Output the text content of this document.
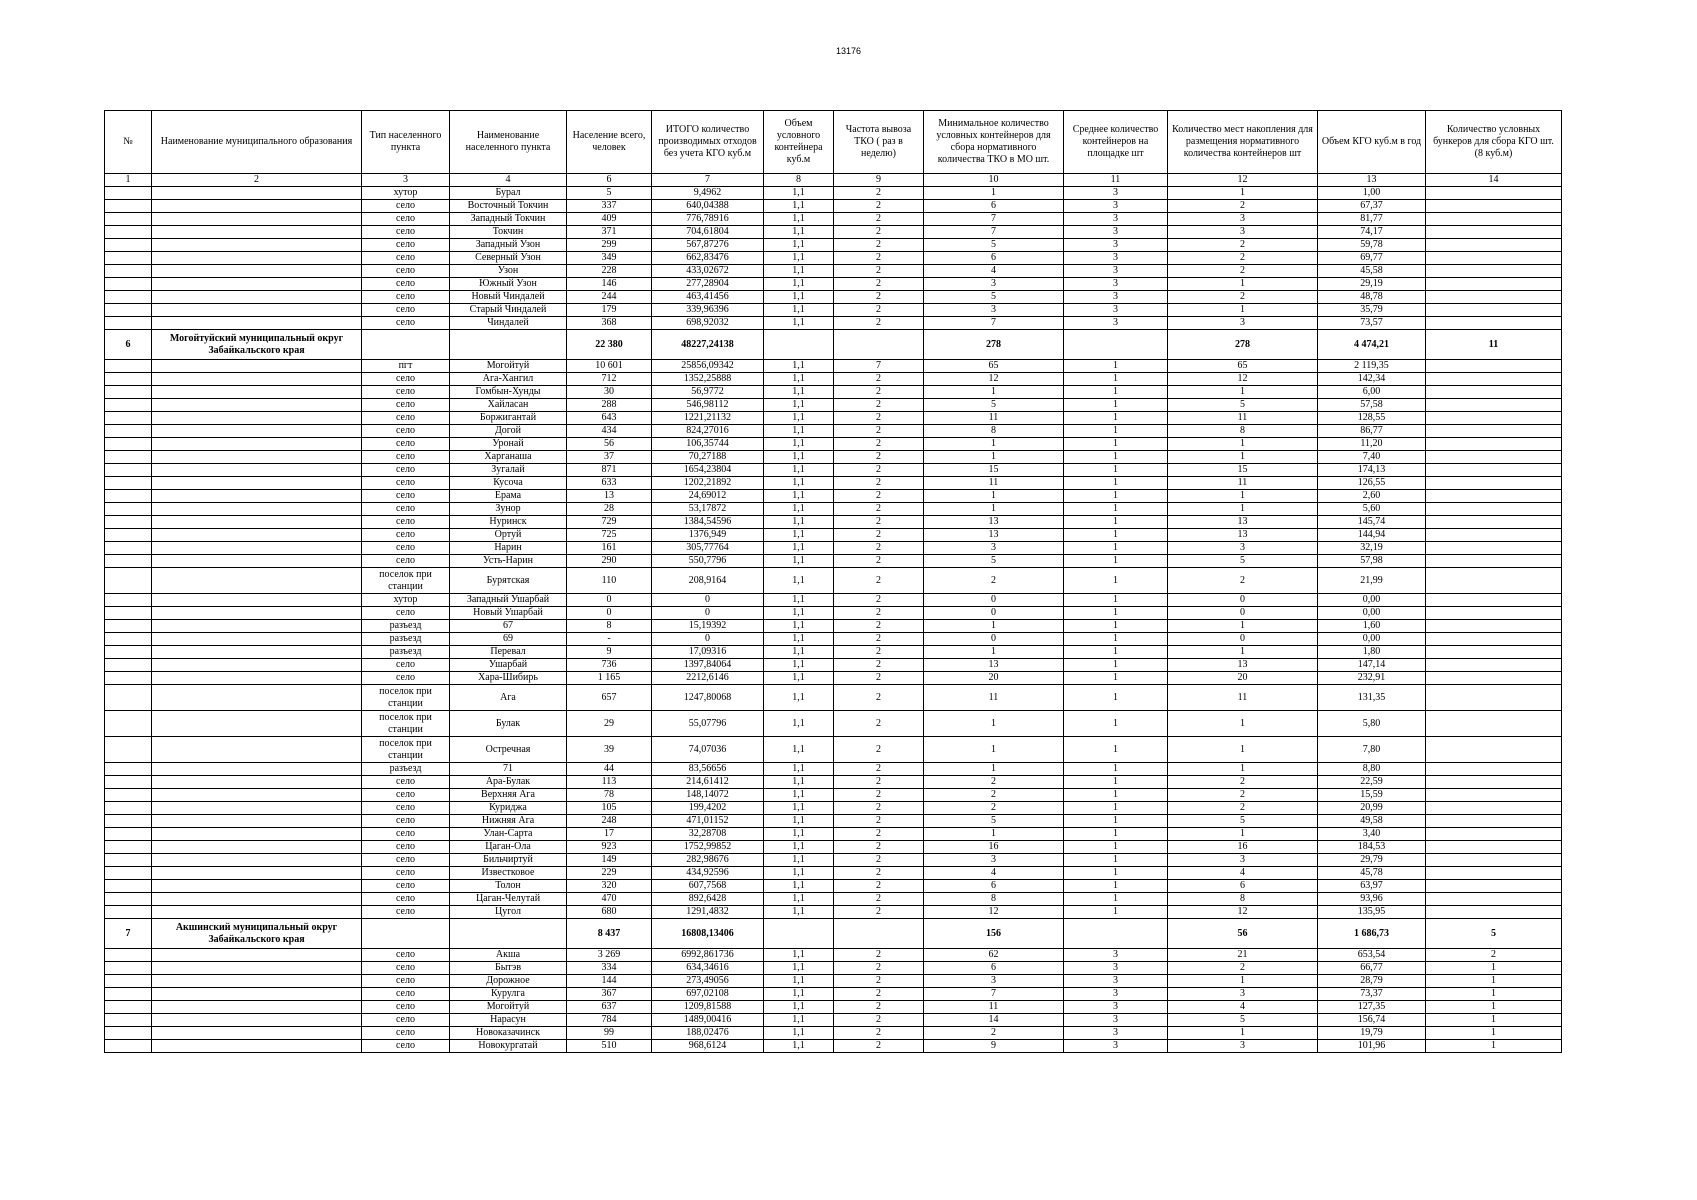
13176
№	Наименование муниципального образования	Тип населенного пункта	Наименование населенного пункта	Население всего, человек	ИТОГО количество производимых отходов без учета КГО куб.м	Объем условного контейнера куб.м	Частота вывоза ТКО ( раз в неделю)	Минимальное количество условных контейнеров для сбора нормативного количества ТКО в МО шт.	Среднее количество контейнеров на площадке шт	Количество мест накопления для размещения нормативного количества контейнеров шт	Объем КГО куб.м в год	Количество условных бункеров для сбора КГО шт. (8 куб.м)
1	2	3	4	6	7	8	9	10	11	12	13	14
		хутор	Бурал	5	9,4962	1,1	2	1	3	1	1,00	
		село	Восточный Токчин	337	640,04388	1,1	2	6	3	2	67,37	
		село	Западный Токчин	409	776,78916	1,1	2	7	3	3	81,77	
		село	Токчин	371	704,61804	1,1	2	7	3	3	74,17	
		село	Западный Узон	299	567,87276	1,1	2	5	3	2	59,78	
		село	Северный Узон	349	662,83476	1,1	2	6	3	2	69,77	
		село	Узон	228	433,02672	1,1	2	4	3	2	45,58	
		село	Южный Узон	146	277,28904	1,1	2	3	3	1	29,19	
		село	Новый Чиндалей	244	463,41456	1,1	2	5	3	2	48,78	
		село	Старый Чиндалей	179	339,96396	1,1	2	3	3	1	35,79	
		село	Чиндалей	368	698,92032	1,1	2	7	3	3	73,57	
6	Могойтуйский муниципальный округ Забайкальского края			22 380	48227,24138			278		278	4 474,21	11
		пгт	Могойтуй	10 601	25856,09342	1,1	7	65	1	65	2 119,35	
		село	Ага-Хангил	712	1352,25888	1,1	2	12	1	12	142,34	
		село	Гомбын-Хунды	30	56,9772	1,1	2	1	1	1	6,00	
		село	Хайласан	288	546,98112	1,1	2	5	1	5	57,58	
		село	Боржигантай	643	1221,21132	1,1	2	11	1	11	128,55	
		село	Догой	434	824,27016	1,1	2	8	1	8	86,77	
		село	Уронай	56	106,35744	1,1	2	1	1	1	11,20	
		село	Харганаша	37	70,27188	1,1	2	1	1	1	7,40	
		село	Зугалай	871	1654,23804	1,1	2	15	1	15	174,13	
		село	Кусоча	633	1202,21892	1,1	2	11	1	11	126,55	
		село	Ерама	13	24,69012	1,1	2	1	1	1	2,60	
		село	Зунор	28	53,17872	1,1	2	1	1	1	5,60	
		село	Нуринск	729	1384,54596	1,1	2	13	1	13	145,74	
		село	Ортуй	725	1376,949	1,1	2	13	1	13	144,94	
		село	Нарин	161	305,77764	1,1	2	3	1	3	32,19	
		село	Усть-Нарин	290	550,7796	1,1	2	5	1	5	57,98	
		поселок при станции	Бурятская	110	208,9164	1,1	2	2	1	2	21,99	
		хутор	Западный Ушарбай	0	0	1,1	2	0	1	0	0,00	
		село	Новый Ушарбай	0	0	1,1	2	0	1	0	0,00	
		разъезд	67	8	15,19392	1,1	2	1	1	1	1,60	
		разъезд	69	-	0	1,1	2	0	1	0	0,00	
		разъезд	Перевал	9	17,09316	1,1	2	1	1	1	1,80	
		село	Ушарбай	736	1397,84064	1,1	2	13	1	13	147,14	
		село	Хара-Шибирь	1 165	2212,6146	1,1	2	20	1	20	232,91	
		поселок при станции	Ага	657	1247,80068	1,1	2	11	1	11	131,35	
		поселок при станции	Булак	29	55,07796	1,1	2	1	1	1	5,80	
		поселок при станции	Остречная	39	74,07036	1,1	2	1	1	1	7,80	
		разъезд	71	44	83,56656	1,1	2	1	1	1	8,80	
		село	Ара-Булак	113	214,61412	1,1	2	2	1	2	22,59	
		село	Верхняя Ага	78	148,14072	1,1	2	2	1	2	15,59	
		село	Куриджа	105	199,4202	1,1	2	2	1	2	20,99	
		село	Нижняя Ага	248	471,01152	1,1	2	5	1	5	49,58	
		село	Улан-Сарта	17	32,28708	1,1	2	1	1	1	3,40	
		село	Цаган-Ола	923	1752,99852	1,1	2	16	1	16	184,53	
		село	Бильчиртуй	149	282,98676	1,1	2	3	1	3	29,79	
		село	Известковое	229	434,92596	1,1	2	4	1	4	45,78	
		село	Толон	320	607,7568	1,1	2	6	1	6	63,97	
		село	Цаган-Челутай	470	892,6428	1,1	2	8	1	8	93,96	
		село	Цугол	680	1291,4832	1,1	2	12	1	12	135,95	
7	Акшинский муниципальный округ Забайкальского края			8 437	16808,13406			156		56	1 686,73	5
		село	Акша	3 269	6992,861736	1,1	2	62	3	21	653,54	2
		село	Бытэв	334	634,34616	1,1	2	6	3	2	66,77	1
		село	Дорожное	144	273,49056	1,1	2	3	3	1	28,79	1
		село	Курулга	367	697,02108	1,1	2	7	3	3	73,37	1
		село	Могойтуй	637	1209,81588	1,1	2	11	3	4	127,35	1
		село	Нарасун	784	1489,00416	1,1	2	14	3	5	156,74	1
		село	Новоказачинск	99	188,02476	1,1	2	2	3	1	19,79	1
		село	Новокургатай	510	968,6124	1,1	2	9	3	3	101,96	1
